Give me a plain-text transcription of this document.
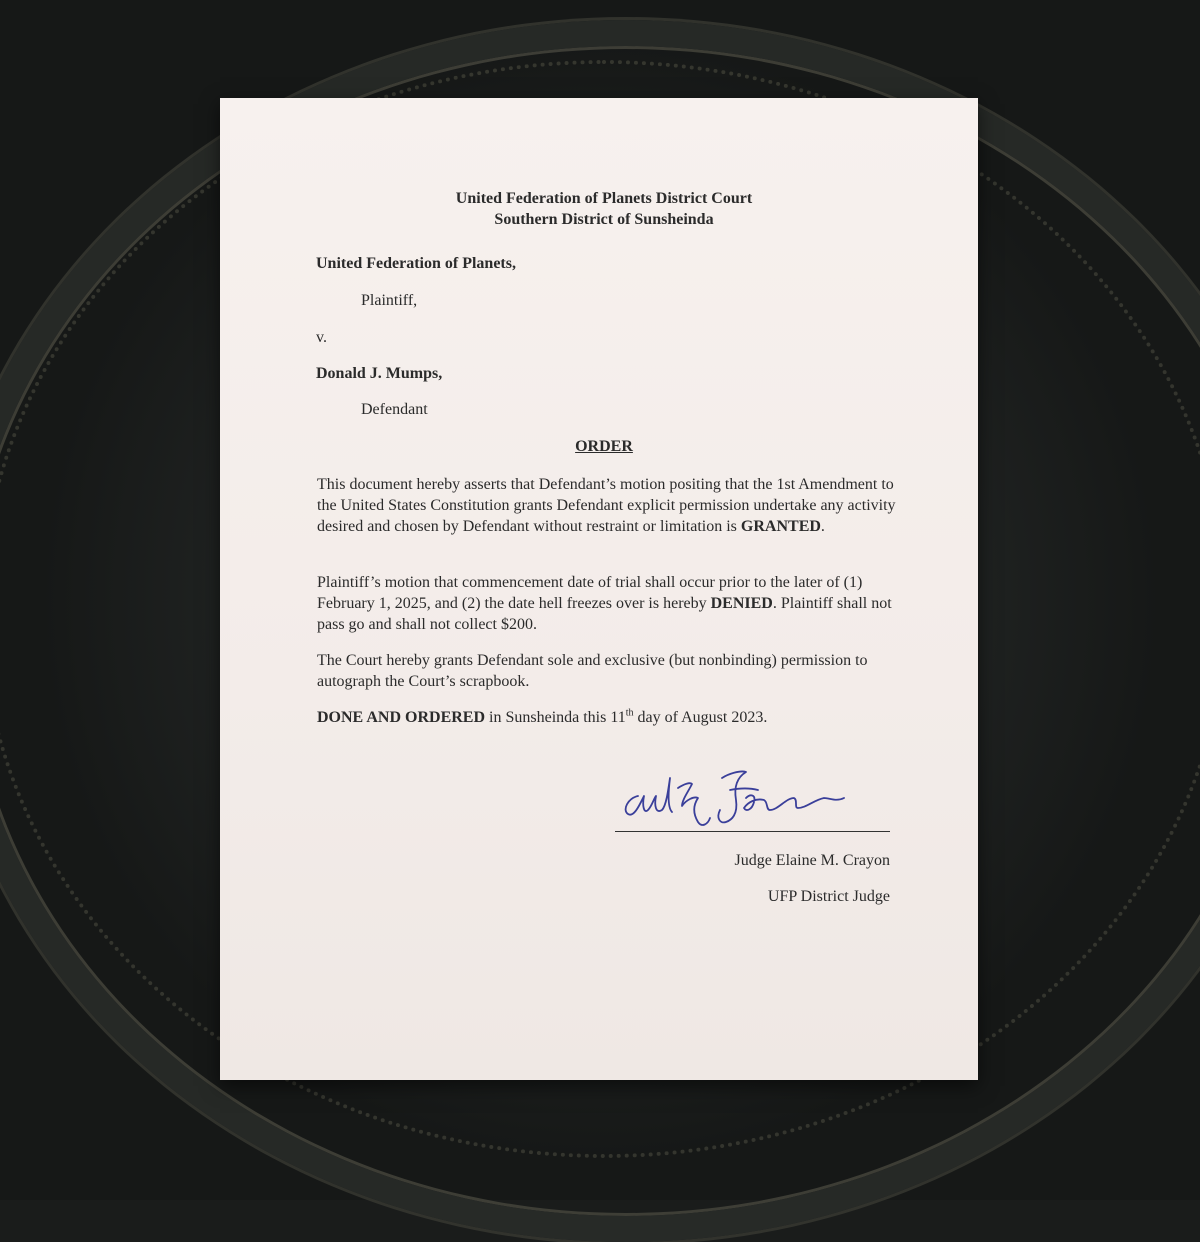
United Federation of Planets District Court
Southern District of Sunsheinda
United Federation of Planets,
Plaintiff,
v.
Donald J. Mumps,
Defendant
ORDER
This document hereby asserts that Defendant’s motion positing that the 1st Amendment to the United States Constitution grants Defendant explicit permission undertake any activity desired and chosen by Defendant without restraint or limitation is GRANTED.
Plaintiff’s motion that commencement date of trial shall occur prior to the later of (1) February 1, 2025, and (2) the date hell freezes over is hereby DENIED. Plaintiff shall not pass go and shall not collect $200.
The Court hereby grants Defendant sole and exclusive (but nonbinding) permission to autograph the Court’s scrapbook.
DONE AND ORDERED in Sunsheinda this 11th day of August 2023.
Judge Elaine M. Crayon
UFP District Judge
